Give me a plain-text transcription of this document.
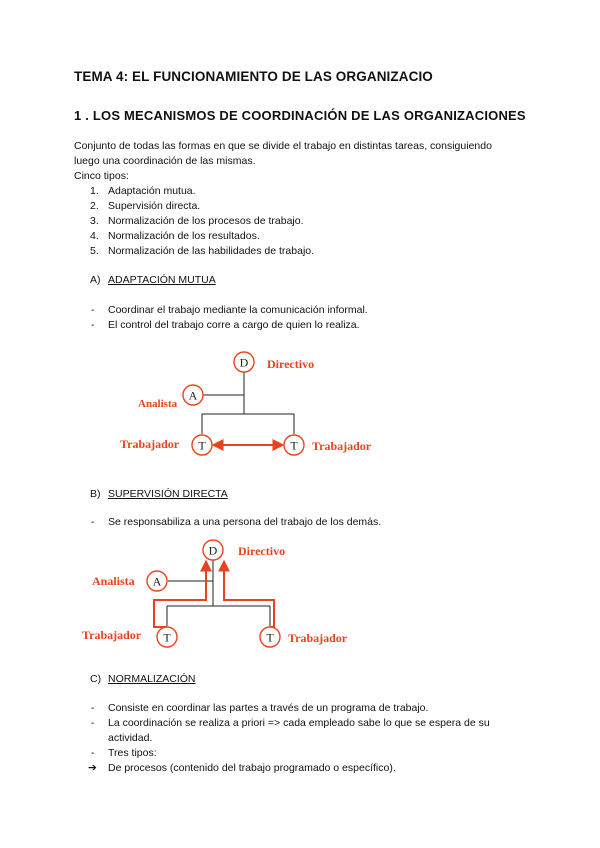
TEMA 4: EL FUNCIONAMIENTO DE LAS ORGANIZACIO
1 . LOS MECANISMOS DE COORDINACIÓN DE LAS ORGANIZACIONES
Conjunto de todas las formas en que se divide el trabajo en distintas tareas, consiguiendo
luego una coordinación de las mismas.
Cinco tipos:
1. Adaptación mutua.
2. Supervisión directa.
3. Normalización de los procesos de trabajo.
4. Normalización de los resultados.
5. Normalización de las habilidades de trabajo.
A) ADAPTACIÓN MUTUA
- Coordinar el trabajo mediante la comunicación informal.
- El control del trabajo corre a cargo de quien lo realiza.
D
A
T	T
Directivo
Analista
Trabajador	Trabajador
B) SUPERVISIÓN DIRECTA
- Se responsabiliza a una persona del trabajo de los demás.
D
A
T	T
Directivo
Analista
Trabajador	Trabajador
C) NORMALIZACIÓN
- Consiste en coordinar las partes a través de un programa de trabajo.
- La coordinación se realiza a priori => cada empleado sabe lo que se espera de su
actividad.
- Tres tipos:
➔ De procesos (contenido del trabajo programado o específico).
